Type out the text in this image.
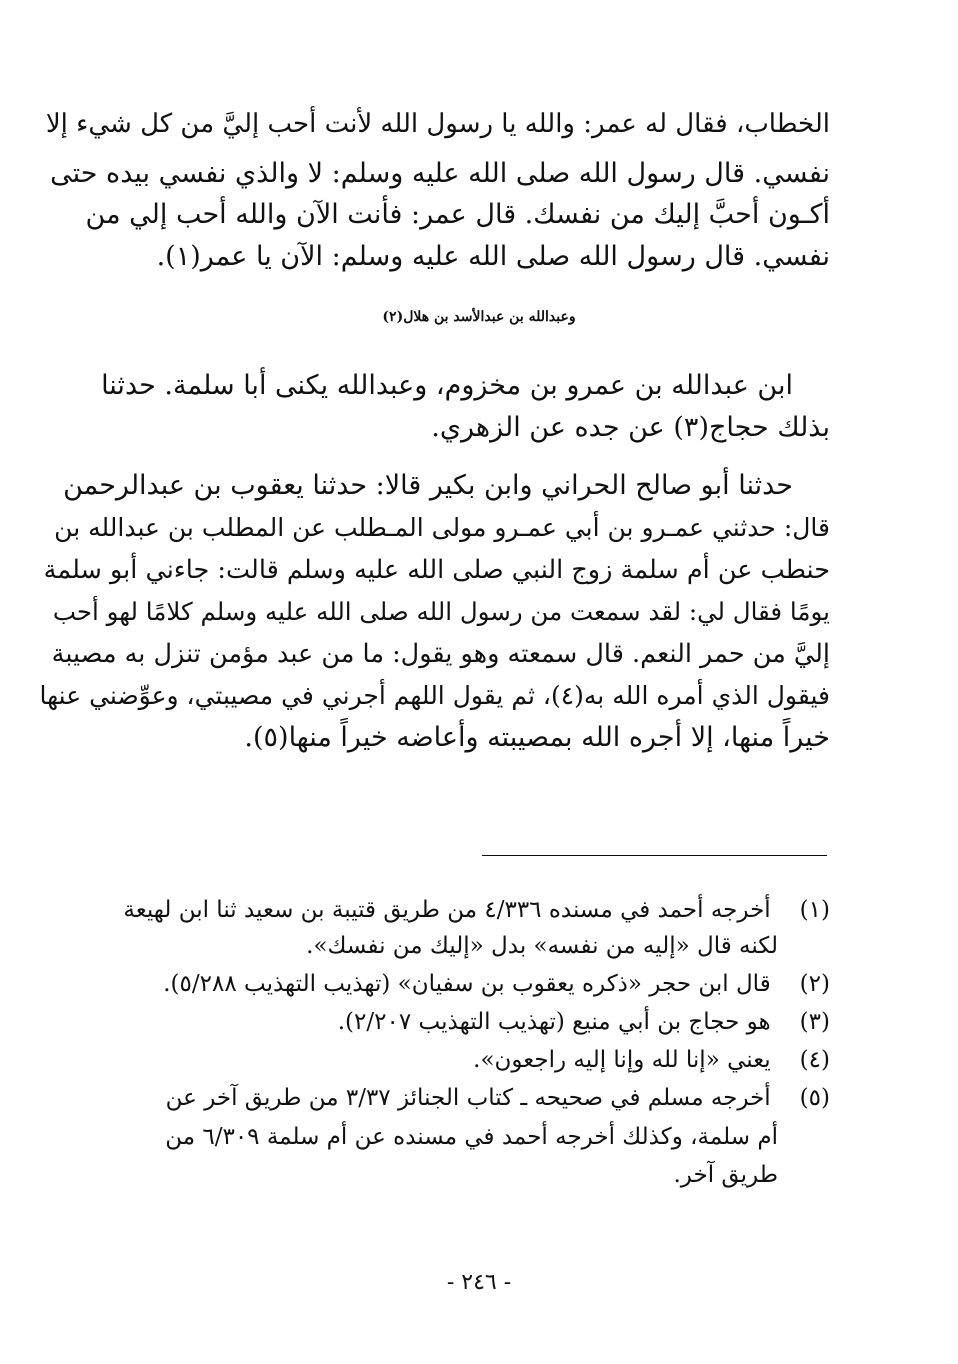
الخطاب، فقال له عمر: والله يا رسول الله لأنت أحب إليَّ من كل شيء إلا
نفسي. قال رسول الله صلى الله عليه وسلم: لا والذي نفسي بيده حتى
أكـون أحبَّ إليك من نفسك. قال عمر: فأنت الآن والله أحب إلي من
نفسي. قال رسول الله صلى الله عليه وسلم: الآن يا عمر(١).
وعبدالله بن عبدالأسد بن هلال(٢)
ابن عبدالله بن عمرو بن مخزوم، وعبدالله يكنى أبا سلمة. حدثنا
بذلك حجاج(٣) عن جده عن الزهري.
حدثنا أبو صالح الحراني وابن بكير قالا: حدثنا يعقوب بن عبدالرحمن
قال: حدثني عمـرو بن أبي عمـرو مولى المـطلب عن المطلب بن عبدالله بن
حنطب عن أم سلمة زوج النبي صلى الله عليه وسلم قالت: جاءني أبو سلمة
يومًا فقال لي: لقد سمعت من رسول الله صلى الله عليه وسلم كلامًا لهو أحب
إليَّ من حمر النعم. قال سمعته وهو يقول: ما من عبد مؤمن تنزل به مصيبة
فيقول الذي أمره الله به(٤)، ثم يقول اللهم أجرني في مصيبتي، وعوِّضني عنها
خيراً منها، إلا أجره الله بمصيبته وأعاضه خيراً منها(٥).
(١) أخرجه أحمد في مسنده ٤/٣٣٦ من طريق قتيبة بن سعيد ثنا ابن لهيعة
لكنه قال «إليه من نفسه» بدل «إليك من نفسك».
(٢) قال ابن حجر «ذكره يعقوب بن سفيان» (تهذيب التهذيب ٥/٢٨٨).
(٣) هو حجاج بن أبي منيع (تهذيب التهذيب ٢/٢٠٧).
(٤) يعني «إنا لله وإنا إليه راجعون».
(٥) أخرجه مسلم في صحيحه ـ كتاب الجنائز ٣/٣٧ من طريق آخر عن
أم سلمة، وكذلك أخرجه أحمد في مسنده عن أم سلمة ٦/٣٠٩ من
طريق آخر.
- ٢٤٦ -
